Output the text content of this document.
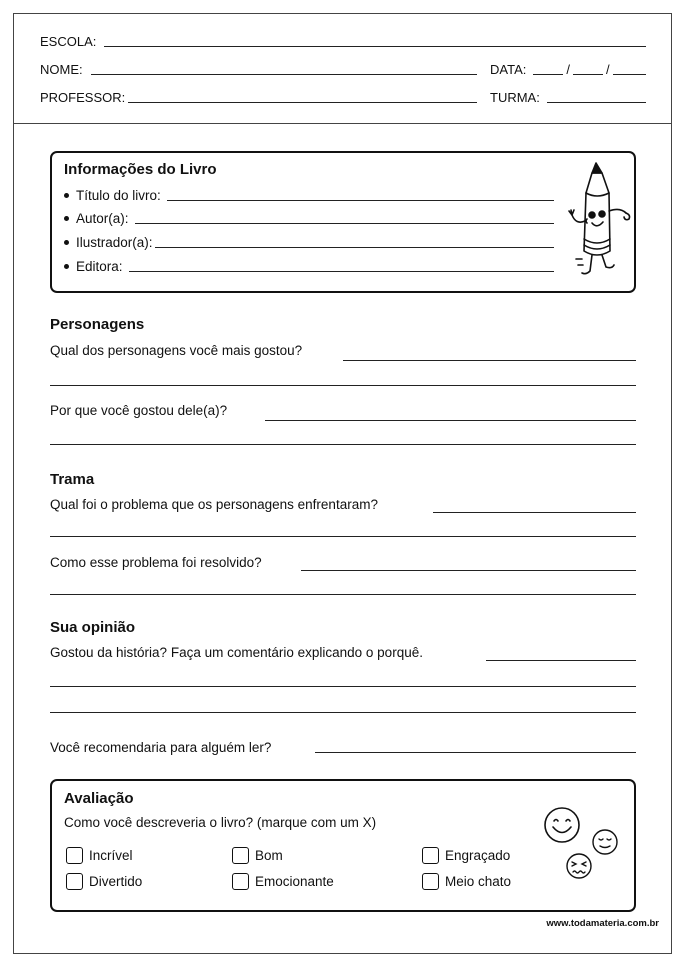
ESCOLA:
NOME:	DATA:	/	/
PROFESSOR:	TURMA:
Informações do Livro
Título do livro:
Autor(a):
Ilustrador(a):
Editora:
Personagens
Qual dos personagens você mais gostou?
Por que você gostou dele(a)?
Trama
Qual foi o problema que os personagens enfrentaram?
Como esse problema foi resolvido?
Sua opinião
Gostou da história? Faça um comentário explicando o porquê.
Você recomendaria para alguém ler?
Avaliação
Como você descreveria o livro? (marque com um X)
Incrível	Bom	Engraçado
Divertido	Emocionante	Meio chato
www.todamateria.com.br
